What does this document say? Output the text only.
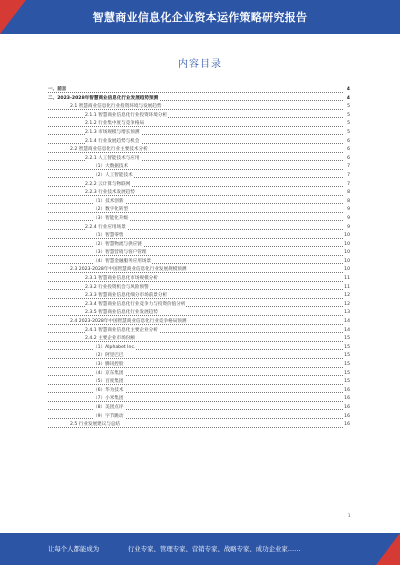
智慧商业信息化企业资本运作策略研究报告
内容目录
一、前言	4
二、2023-2028年智慧商业信息化行业发展趋势预测	4
2.1 智慧商业信息化行业投资环境与发展趋势	5
2.1.1 智慧商业信息化行业投资环境分析	5
2.1.2 行业集中度与竞争格局	5
2.1.3 市场规模与增长预测	5
2.1.4 行业发展趋势与机会	6
2.2 智慧商业信息化行业主要技术分析	6
2.2.1 人工智能技术与应用	6
（1）大数据技术	7
（2）人工智能技术	7
2.2.2 云计算与物联网	7
2.2.3 行业技术发展趋势	8
（1）技术创新	8
（2）数字化转型	9
（3）智能化升级	9
2.2.4 行业应用场景	9
（1）智慧零售	10
（2）智慧物流与供应链	10
（3）智慧营销与客户管理	10
（4）智慧金融服务应用场景	10
2.3 2023-2028年中国智慧商业信息化行业发展规模预测	10
2.3.1 智慧商业信息化市场规模分析	11
2.3.2 行业投资机会与风险预警	11
2.3.3 智慧商业信息化细分市场前景分析	12
2.3.4 智慧商业信息化行业竞争力与投资价值分析	12
2.3.5 智慧商业信息化行业发展趋势	13
2.4 2023-2028年中国智慧商业信息化行业竞争格局预测	14
2.4.1 智慧商业信息化主要企业分析	14
2.4.2 主要企业市场份额	15
（1）Alphabet Inc.	15
（2）阿里巴巴	15
（3）腾讯控股	15
（4）京东集团	15
（5）百度集团	15
（6）华为技术	16
（7）小米集团	16
（8）美团点评	16
（9）字节跳动	16
2.5 行业发展建议与总结	16
1
让每个人都能成为	行业专家、管理专家、营销专家、战略专家、成功企业家……
